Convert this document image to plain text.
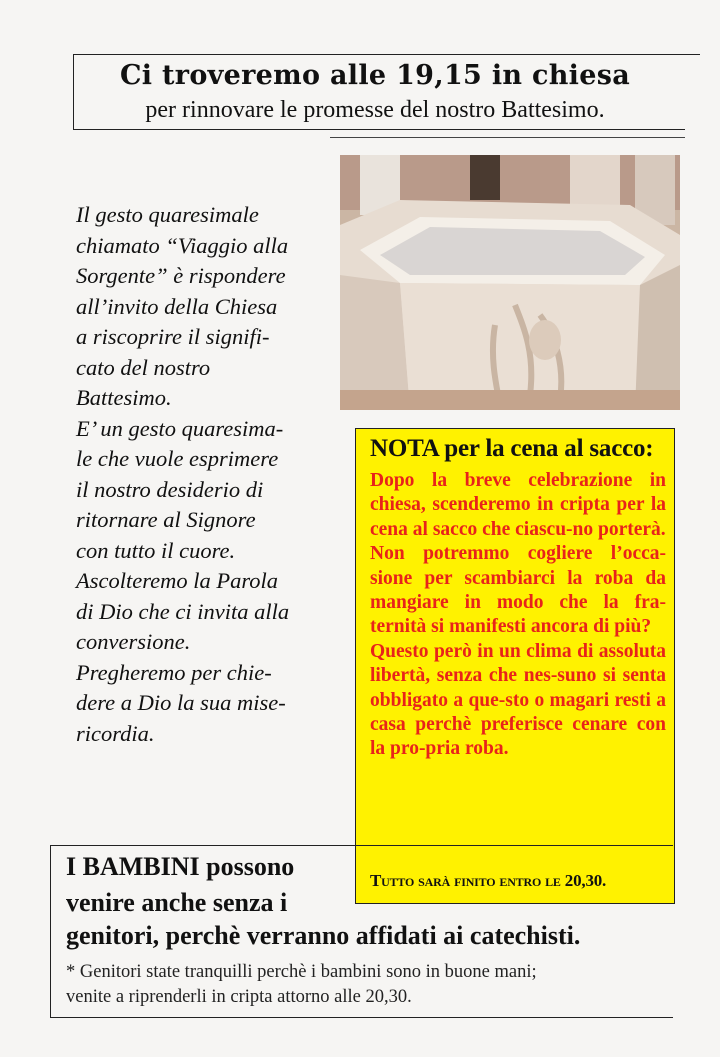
Ci troveremo alle 19,15 in chiesa
per rinnovare le promesse del nostro Battesimo.
Il gesto quaresimale
chiamato “Viaggio alla
Sorgente” è rispondere
all’invito della Chiesa
a riscoprire il signifi-
cato del nostro
Battesimo.
E’ un gesto quaresima-
le che vuole esprimere
il nostro desiderio di
ritornare al Signore
con tutto il cuore.
Ascolteremo la Parola
di Dio che ci invita alla
conversione.
Pregheremo per chie-
dere a Dio la sua mise-
ricordia.
NOTA per la cena al sacco:
Dopo la breve celebrazione in chiesa, scenderemo in cripta per la cena al sacco che ciascu-no porterà.
Non potremmo cogliere l’occa-sione per scambiarci la roba da mangiare in modo che la fra-ternità si manifesti ancora di più?
Questo però in un clima di assoluta libertà, senza che nes-suno si senta obbligato a que-sto o magari resti a casa perchè preferisce cenare con la pro-pria roba.
Tutto sarà finito entro le 20,30.
I BAMBINI possono
venire anche senza i
genitori, perchè verranno affidati ai catechisti.
* Genitori state tranquilli perchè i bambini sono in buone mani;
venite a riprenderli in cripta attorno alle 20,30.
